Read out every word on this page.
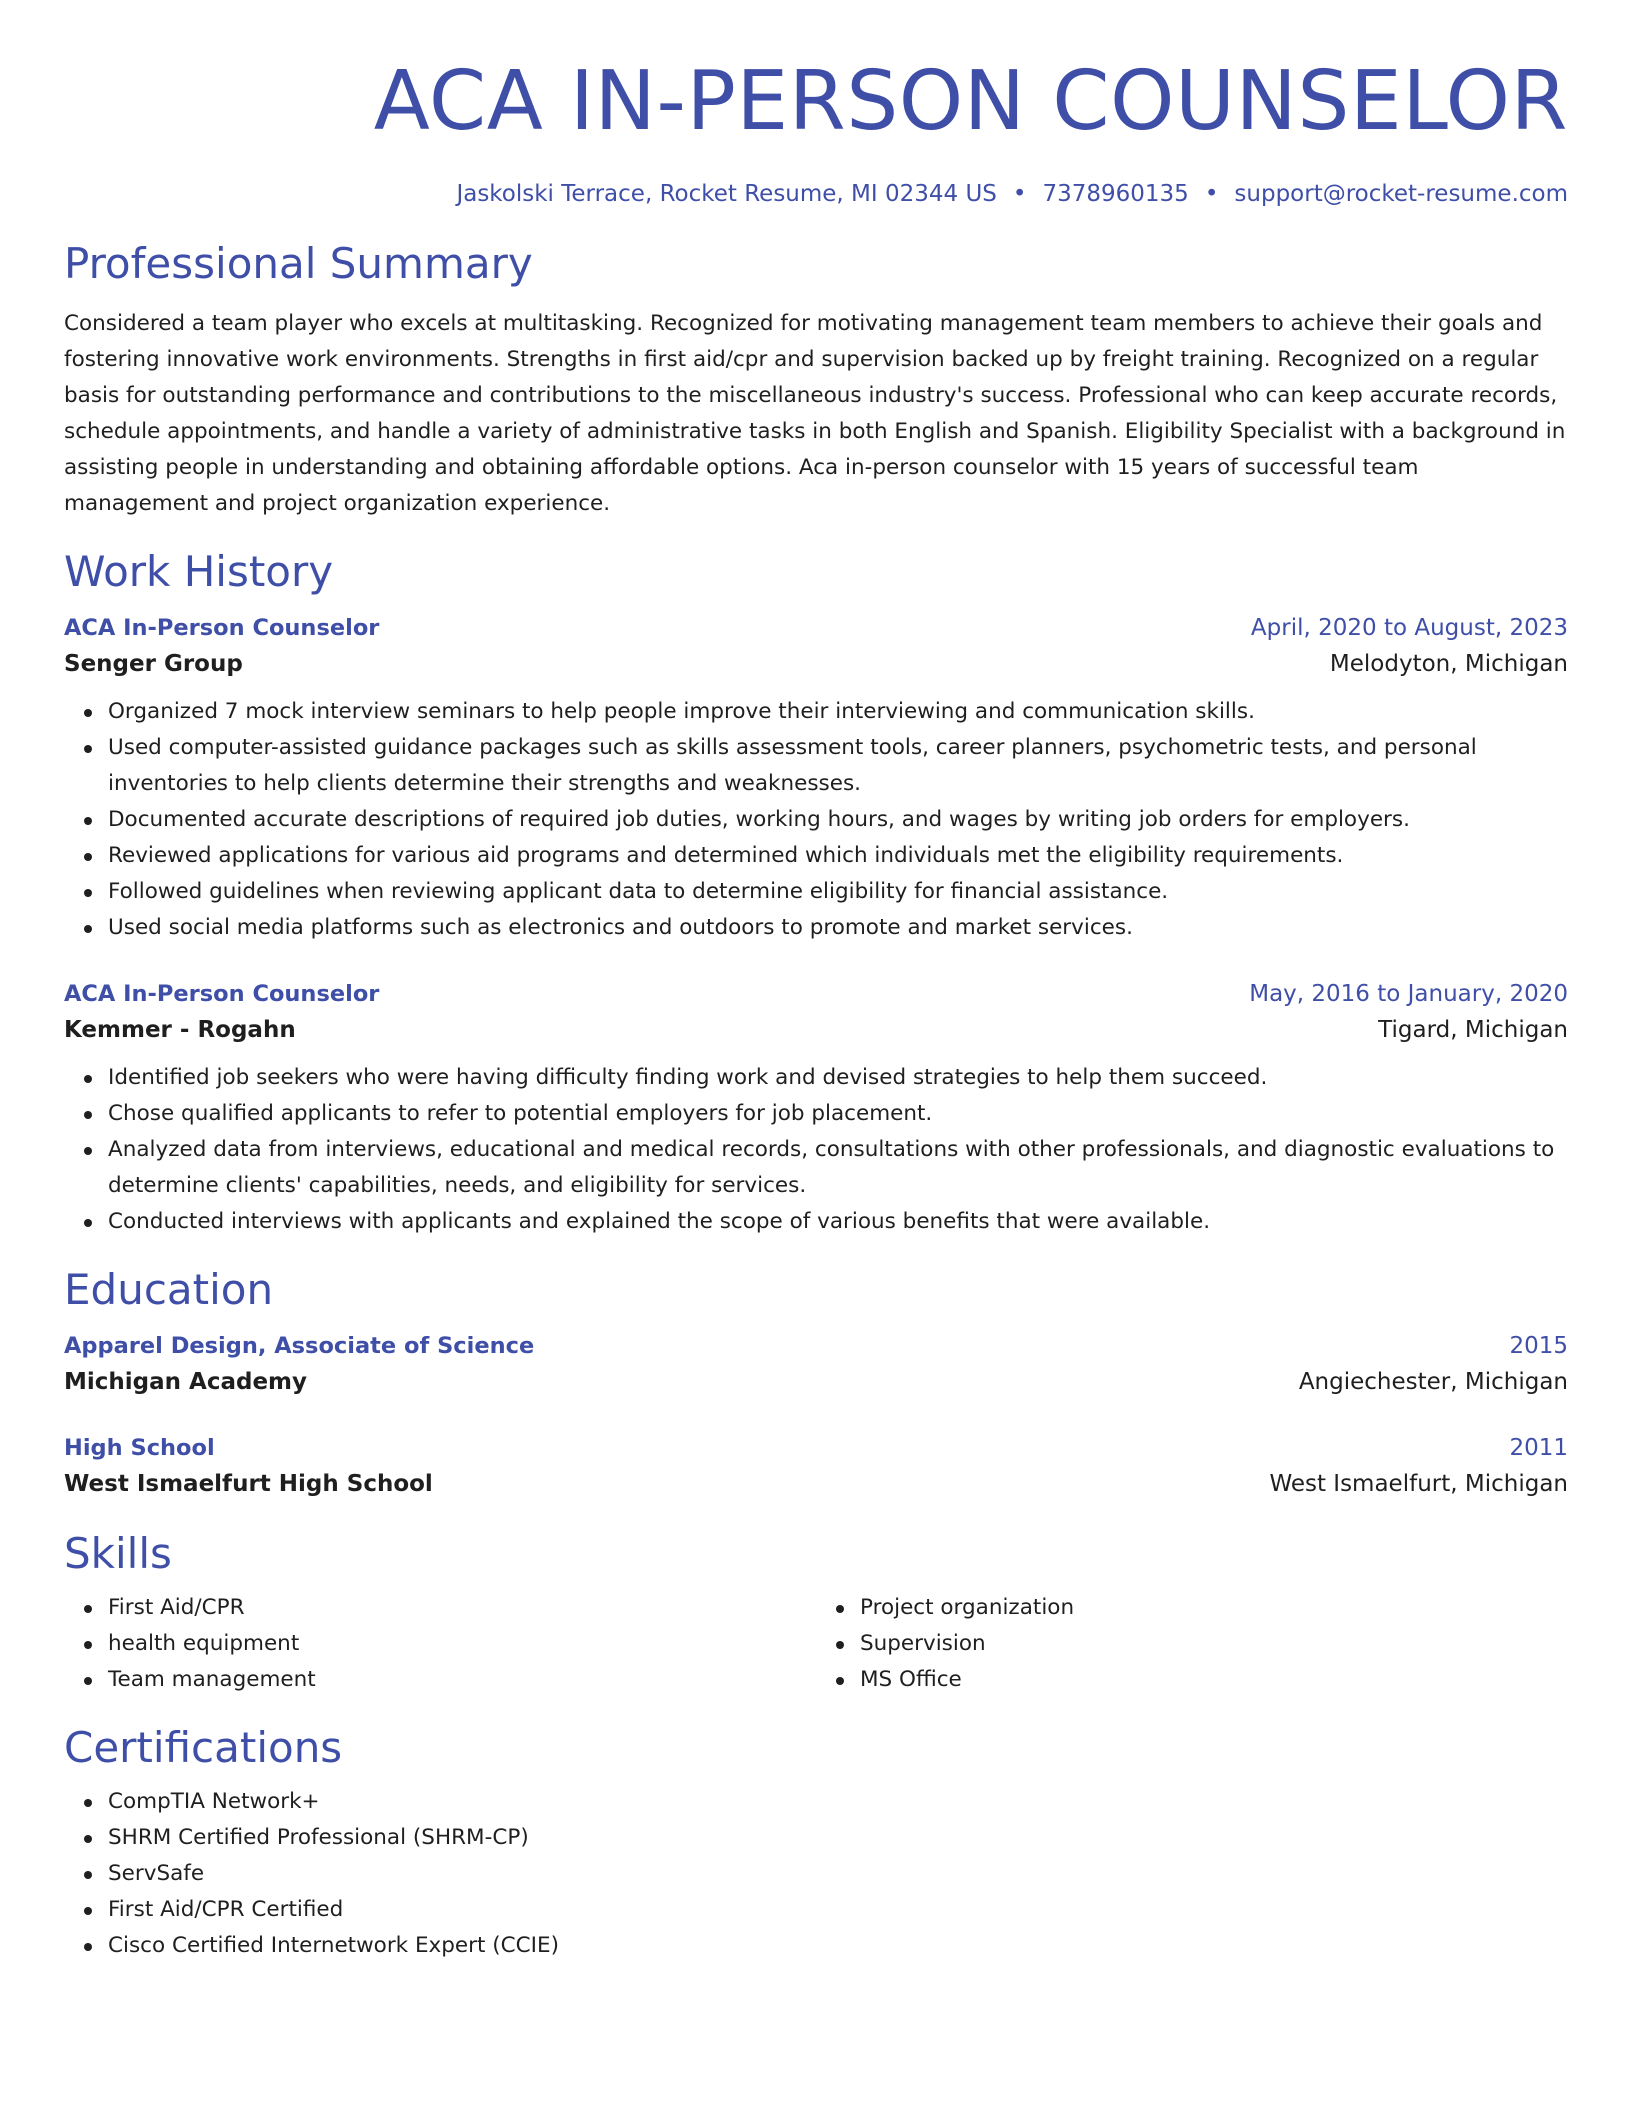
ACA IN-PERSON COUNSELOR
Jaskolski Terrace, Rocket Resume, MI 02344 US • 7378960135 • support@rocket-resume.com
Professional Summary

Considered a team player who excels at multitasking. Recognized for motivating management team members to achieve their goals and fostering innovative work environments. Strengths in first aid/cpr and supervision backed up by freight training. Recognized on a regular basis for outstanding performance and contributions to the miscellaneous industry's success. Professional who can keep accurate records, schedule appointments, and handle a variety of administrative tasks in both English and Spanish. Eligibility Specialist with a background in assisting people in understanding and obtaining affordable options. Aca in-person counselor with 15 years of successful team management and project organization experience.

Work History
ACA In-Person Counselor	April, 2020 to August, 2023
Senger Group	Melodyton, Michigan
Organized 7 mock interview seminars to help people improve their interviewing and communication skills.
Used computer-assisted guidance packages such as skills assessment tools, career planners, psychometric tests, and personal inventories to help clients determine their strengths and weaknesses.
Documented accurate descriptions of required job duties, working hours, and wages by writing job orders for employers.
Reviewed applications for various aid programs and determined which individuals met the eligibility requirements.
Followed guidelines when reviewing applicant data to determine eligibility for financial assistance.
Used social media platforms such as electronics and outdoors to promote and market services.
ACA In-Person Counselor	May, 2016 to January, 2020
Kemmer - Rogahn	Tigard, Michigan
Identified job seekers who were having difficulty finding work and devised strategies to help them succeed.
Chose qualified applicants to refer to potential employers for job placement.
Analyzed data from interviews, educational and medical records, consultations with other professionals, and diagnostic evaluations to determine clients' capabilities, needs, and eligibility for services.
Conducted interviews with applicants and explained the scope of various benefits that were available.
Education
Apparel Design, Associate of Science	2015
Michigan Academy	Angiechester, Michigan
High School	2011
West Ismaelfurt High School	West Ismaelfurt, Michigan
Skills
First Aid/CPR
health equipment
Team management
Project organization
Supervision
MS Office
Certifications
CompTIA Network+
SHRM Certified Professional (SHRM-CP)
ServSafe
First Aid/CPR Certified
Cisco Certified Internetwork Expert (CCIE)
